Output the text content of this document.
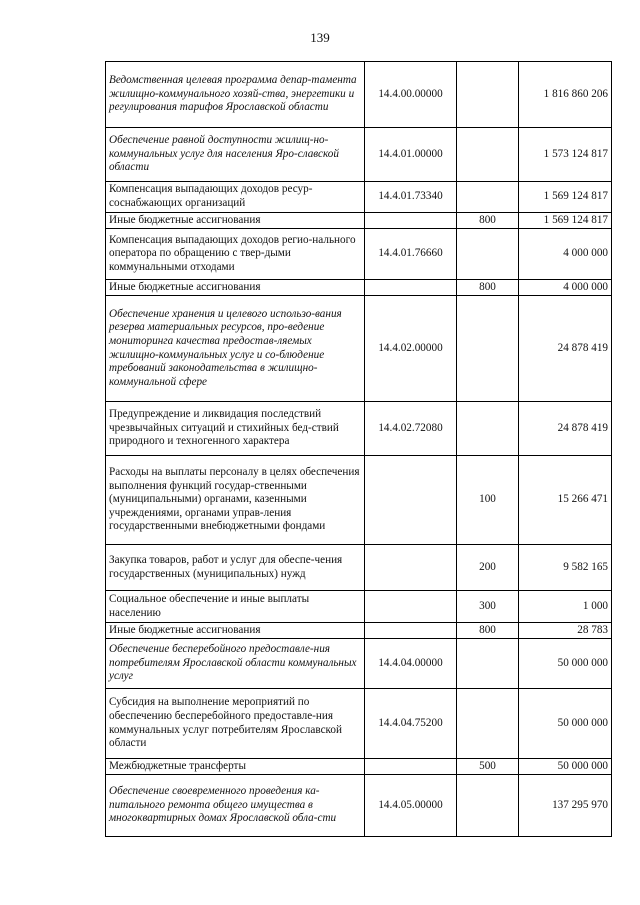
139
Ведомственная целевая программа депар-тамента жилищно-коммунального хозяй-ства, энергетики и регулирования тарифов Ярославской области	14.4.00.00000		1 816 860 206
Обеспечение равной доступности жилищ-но-коммунальных услуг для населения Яро-славской области	14.4.01.00000		1 573 124 817
Компенсация выпадающих доходов ресур-соснабжающих организаций	14.4.01.73340		1 569 124 817
Иные бюджетные ассигнования		800	1 569 124 817
Компенсация выпадающих доходов регио-нального оператора по обращению с твер-дыми коммунальными отходами	14.4.01.76660		4 000 000
Иные бюджетные ассигнования		800	4 000 000
Обеспечение хранения и целевого использо-вания резерва материальных ресурсов, про-ведение мониторинга качества предостав-ляемых жилищно-коммунальных услуг и со-блюдение требований законодательства в жилищно-коммунальной сфере	14.4.02.00000		24 878 419
Предупреждение и ликвидация последствий чрезвычайных ситуаций и стихийных бед-ствий природного и техногенного характера	14.4.02.72080		24 878 419
Расходы на выплаты персоналу в целях обеспечения выполнения функций государ-ственными (муниципальными) органами, казенными учреждениями, органами управ-ления государственными внебюджетными фондами		100	15 266 471
Закупка товаров, работ и услуг для обеспе-чения государственных (муниципальных) нужд		200	9 582 165
Социальное обеспечение и иные выплаты населению		300	1 000
Иные бюджетные ассигнования		800	28 783
Обеспечение бесперебойного предоставле-ния потребителям Ярославской области коммунальных услуг	14.4.04.00000		50 000 000
Субсидия на выполнение мероприятий по обеспечению бесперебойного предоставле-ния коммунальных услуг потребителям Ярославской области	14.4.04.75200		50 000 000
Межбюджетные трансферты		500	50 000 000
Обеспечение своевременного проведения ка-питального ремонта общего имущества в многоквартирных домах Ярославской обла-сти	14.4.05.00000		137 295 970
